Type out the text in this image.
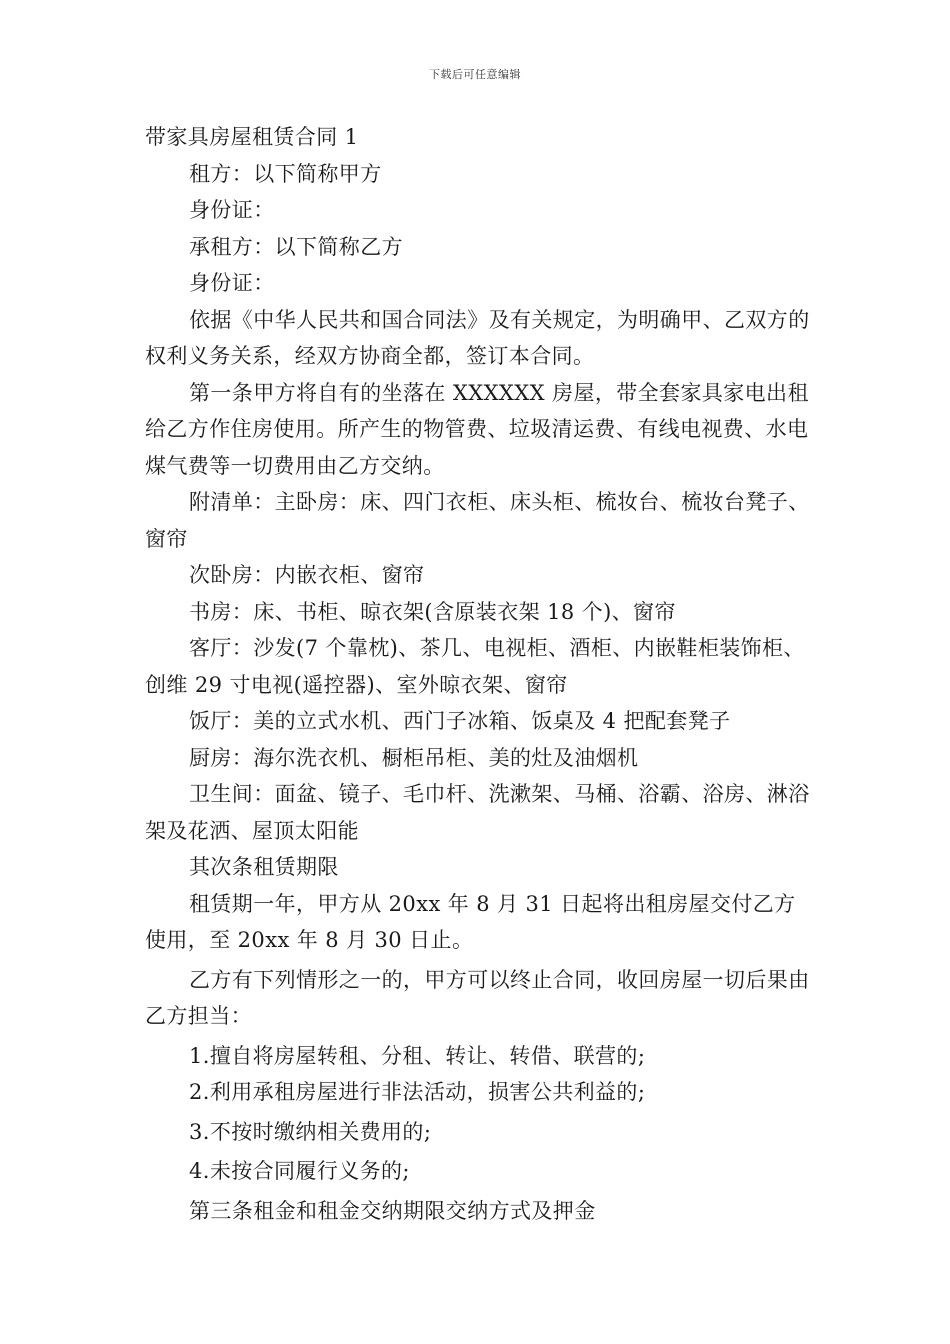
下载后可任意编辑

带家具房屋租赁合同 1

租方：以下简称甲方

身份证：

承租方：以下简称乙方

身份证：

依据《中华人民共和国合同法》及有关规定，为明确甲、乙双方的权利义务关系，经双方协商全都，签订本合同。

第一条甲方将自有的坐落在 XXXXXX 房屋，带全套家具家电出租给乙方作住房使用。所产生的物管费、垃圾清运费、有线电视费、水电煤气费等一切费用由乙方交纳。

附清单：主卧房：床、四门衣柜、床头柜、梳妆台、梳妆台凳子、窗帘

次卧房：内嵌衣柜、窗帘

书房：床、书柜、晾衣架(含原装衣架 18 个)、窗帘

客厅：沙发(7 个靠枕)、茶几、电视柜、酒柜、内嵌鞋柜装饰柜、创维 29 寸电视(遥控器)、室外晾衣架、窗帘

饭厅：美的立式水机、西门子冰箱、饭桌及 4 把配套凳子

厨房：海尔洗衣机、橱柜吊柜、美的灶及油烟机

卫生间：面盆、镜子、毛巾杆、洗漱架、马桶、浴霸、浴房、淋浴架及花洒、屋顶太阳能

其次条租赁期限

租赁期一年，甲方从 20xx 年 8 月 31 日起将出租房屋交付乙方使用，至 20xx 年 8 月 30 日止。

乙方有下列情形之一的，甲方可以终止合同，收回房屋一切后果由乙方担当：

1.擅自将房屋转租、分租、转让、转借、联营的;

2.利用承租房屋进行非法活动，损害公共利益的;

3.不按时缴纳相关费用的;

4.未按合同履行义务的;

第三条租金和租金交纳期限交纳方式及押金
